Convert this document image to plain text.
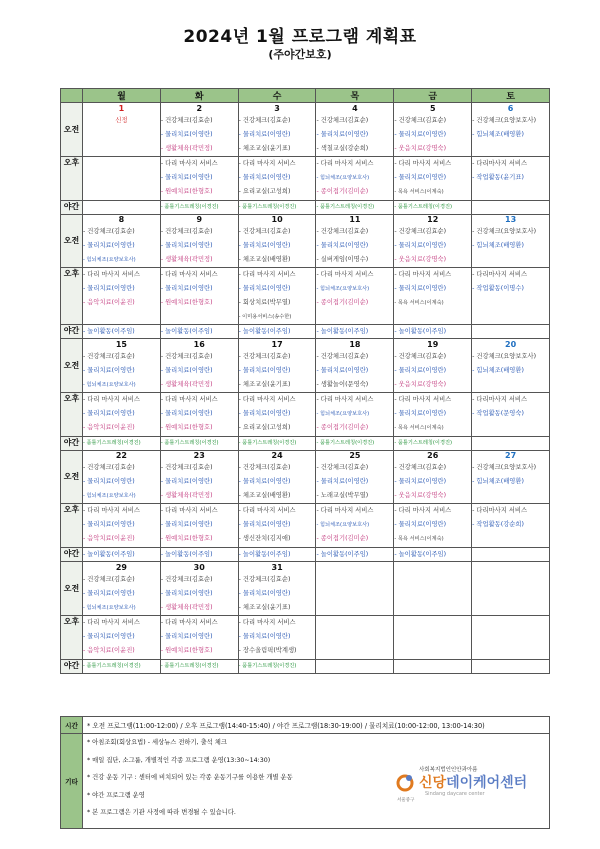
2024년 1월 프로그램 계획표
(주야간보호)
	월	화	수	목	금	토
오전	1	2	3	4	5	6

	신정	- 건강체크(김효순)
- 물리치료(이영란)
- 생활체육(곽민정)	- 건강체크(김효순)
- 물리치료(이영란)
- 체조교실(윤기표)	- 건강체크(김효순)
- 물리치료(이영란)
- 색칠교실(강순희)	- 건강체크(김효순)
- 물리치료(이영란)
- 웃음치료(강명숙)	- 건강체크(요양보호사)
- 힘뇌체조(배영환)

오후		- 다리 마사지 서비스
- 물리치료(이영란)
- 원예치료(한형호)	- 다리 마사지 서비스
- 물리치료(이영란)
- 요리교실(고성희)	- 다리 마사지 서비스
- 힘뇌체조(요양보호사)
- 종이접기(김미순)	- 다리 마사지 서비스
- 물리치료(이영란)
- 목욕 서비스(이계숙)	- 다리마사지 서비스
- 작업활동(윤기표)

야간		- 품틀기스트레칭(이경진)	- 품틀기스트레칭(이경진)	- 품틀기스트레칭(이경진)	- 품틀기스트레칭(이경진)	

오전	8	9	10	11	12	13

	- 건강체크(김효순)
- 물리치료(이영란)
- 힘뇌체조(요양보호사)	- 건강체크(김효순)
- 물리치료(이영란)
- 생활체육(곽민정)	- 건강체크(김효순)
- 물리치료(이영란)
- 체조교실(배영환)	- 건강체크(김효순)
- 물리치료(이영란)
- 실버게임(이명수)	- 건강체크(김효순)
- 물리치료(이영란)
- 웃음치료(강명숙)	- 건강체크(요양보호사)
- 힘뇌체조(배영환)

오후	- 다리 마사지 서비스
- 물리치료(이영란)
- 음악치료(이윤진)	- 다리 마사지 서비스
- 물리치료(이영란)
- 원예치료(한형호)	- 다리 마사지 서비스
- 물리치료(이영란)
- 회상치료(박무열)
- 이미용서비스(송수한)	- 다리 마사지 서비스
- 힘뇌체조(요양보호사)
- 종이접기(김미순)	- 다리 마사지 서비스
- 물리치료(이영란)
- 목욕 서비스(이계숙)	- 다리마사지 서비스
- 작업활동(이명수)

야간	- 놀이활동(이주임)	- 놀이활동(이주임)	- 놀이활동(이주임)	- 놀이활동(이주임)	- 놀이활동(이주임)	

오전	15	16	17	18	19	20

	- 건강체크(김효순)
- 물리치료(이영란)
- 힘뇌체조(요양보호사)	- 건강체크(김효순)
- 물리치료(이영란)
- 생활체육(곽민정)	- 건강체크(김효순)
- 물리치료(이영란)
- 체조교실(윤기표)	- 건강체크(김효순)
- 물리치료(이영란)
- 생활놀이(문영숙)	- 건강체크(김효순)
- 물리치료(이영란)
- 웃음치료(강명숙)	- 건강체크(요양보호사)
- 힘뇌체조(배영환)

오후	- 다리 마사지 서비스
- 물리치료(이영란)
- 음악치료(이윤진)	- 다리 마사지 서비스
- 물리치료(이영란)
- 원예치료(한형호)	- 다리 마사지 서비스
- 물리치료(이영란)
- 요리교실(고성희)	- 다리 마사지 서비스
- 힘뇌체조(요양보호사)
- 종이접기(김미순)	- 다리 마사지 서비스
- 물리치료(이영란)
- 목욕 서비스(이계숙)	- 다리마사지 서비스
- 작업활동(문영숙)

야간	- 품틀기스트레칭(이경진)	- 품틀기스트레칭(이경진)	- 품틀기스트레칭(이경진)	- 품틀기스트레칭(이경진)	- 품틀기스트레칭(이경진)	

오전	22	23	24	25	26	27

	- 건강체크(김효순)
- 물리치료(이영란)
- 힘뇌체조(요양보호사)	- 건강체크(김효순)
- 물리치료(이영란)
- 생활체육(곽민정)	- 건강체크(김효순)
- 물리치료(이영란)
- 체조교실(배영환)	- 건강체크(김효순)
- 물리치료(이영란)
- 노래교실(박무열)	- 건강체크(김효순)
- 물리치료(이영란)
- 웃음치료(강명숙)	- 건강체크(요양보호사)
- 힘뇌체조(배영환)

오후	- 다리 마사지 서비스
- 물리치료(이영란)
- 음악치료(이윤진)	- 다리 마사지 서비스
- 물리치료(이영란)
- 원예치료(한형호)	- 다리 마사지 서비스
- 물리치료(이영란)
- 생신잔치(김지애)	- 다리 마사지 서비스
- 힘뇌체조(요양보호사)
- 종이접기(김미순)	- 다리 마사지 서비스
- 물리치료(이영란)
- 목욕 서비스(이계숙)	- 다리마사지 서비스
- 작업활동(강순희)

야간	- 놀이활동(이주임)	- 놀이활동(이주임)	- 놀이활동(이주임)	- 놀이활동(이주임)	- 놀이활동(이주임)	

오전	29	30	31			

	- 건강체크(김효순)
- 물리치료(이영란)
- 힘뇌체조(요양보호사)	- 건강체크(김효순)
- 물리치료(이영란)
- 생활체육(곽민정)	- 건강체크(김효순)
- 물리치료(이영란)
- 체조교실(윤기표)			

오후	- 다리 마사지 서비스
- 물리치료(이영란)
- 음악치료(이윤진)	- 다리 마사지 서비스
- 물리치료(이영란)
- 원예치료(한형호)	- 다리 마사지 서비스
- 물리치료(이영란)
- 장수올림픽(박계생)			

야간	- 품틀기스트레칭(이경진)	- 품틀기스트레칭(이경진)	- 품틀기스트레칭(이경진)			

시간	* 오전 프로그램(11:00-12:00) / 오후 프로그램(14:40-15:40) / 야간 프로그램(18:30-19:00) / 물리치료(10:00-12:00, 13:00-14:30)
기타	* 아침조회(회상요법) - 세상뉴스 전하기, 출석 체크
* 매일 집단, 소그룹, 개별적인 각종 프로그램 운영(13:30~14:30)
* 건강 운동 기구 : 센터에 비치되어 있는 각종 운동기구를 이용한 개별 운동
* 야간 프로그램 운영
* 본 프로그램은 기관 사정에 따라 변경될 수 있습니다.
사회복지법인인안과아름
신당데이케어센터
Sindang daycare center
서울중구
